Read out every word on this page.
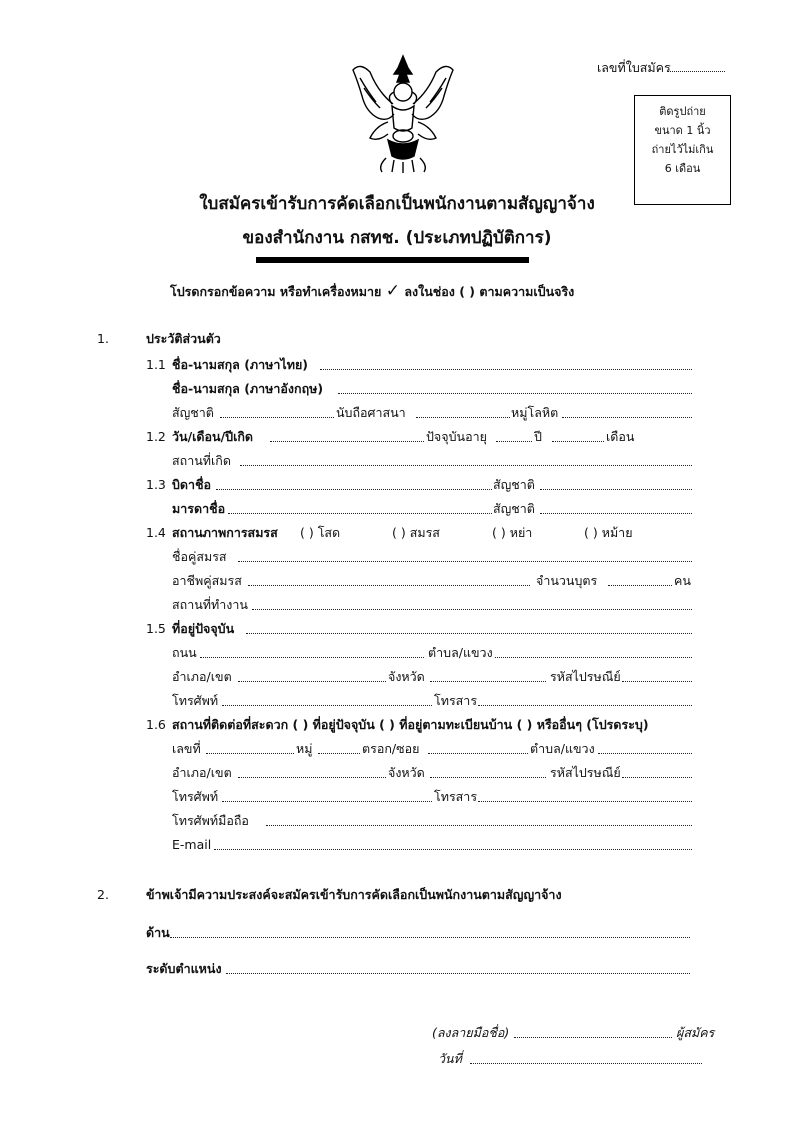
เลขที่ใบสมัคร
ติดรูปถ่าย
ขนาด 1 นิ้ว
ถ่ายไว้ไม่เกิน
6 เดือน
ใบสมัครเข้ารับการคัดเลือกเป็นพนักงานตามสัญญาจ้าง
ของสำนักงาน กสทช. (ประเภทปฏิบัติการ)
โปรดกรอกข้อความ หรือทำเครื่องหมาย ✓ ลงในช่อง ( ) ตามความเป็นจริง
1.	ประวัติส่วนตัว
1.1 ชื่อ-นามสกุล (ภาษาไทย)
ชื่อ-นามสกุล (ภาษาอังกฤษ)
สัญชาติ	นับถือศาสนา	หมู่โลหิต
1.2 วัน/เดือน/ปีเกิด	ปัจจุบันอายุ	ปี	เดือน
สถานที่เกิด
1.3 บิดาชื่อ	สัญชาติ
มารดาชื่อ	สัญชาติ
1.4 สถานภาพการสมรส ( ) โสด	( ) สมรส	( ) หย่า	( ) หม้าย
ชื่อคู่สมรส
อาชีพคู่สมรส	จำนวนบุตร	คน
สถานที่ทำงาน
1.5 ที่อยู่ปัจจุบัน
ถนน	ตำบล/แขวง
อำเภอ/เขต	จังหวัด	รหัสไปรษณีย์
โทรศัพท์	โทรสาร
1.6 สถานที่ติดต่อที่สะดวก ( ) ที่อยู่ปัจจุบัน ( ) ที่อยู่ตามทะเบียนบ้าน ( ) หรืออื่นๆ (โปรดระบุ)
เลขที่	หมู่	ตรอก/ซอย	ตำบล/แขวง
อำเภอ/เขต	จังหวัด	รหัสไปรษณีย์
โทรศัพท์	โทรสาร
โทรศัพท์มือถือ
E-mail
2.	ข้าพเจ้ามีความประสงค์จะสมัครเข้ารับการคัดเลือกเป็นพนักงานตามสัญญาจ้าง
ด้าน
ระดับตำแหน่ง
(ลงลายมือชื่อ)	ผู้สมัคร
วันที่
